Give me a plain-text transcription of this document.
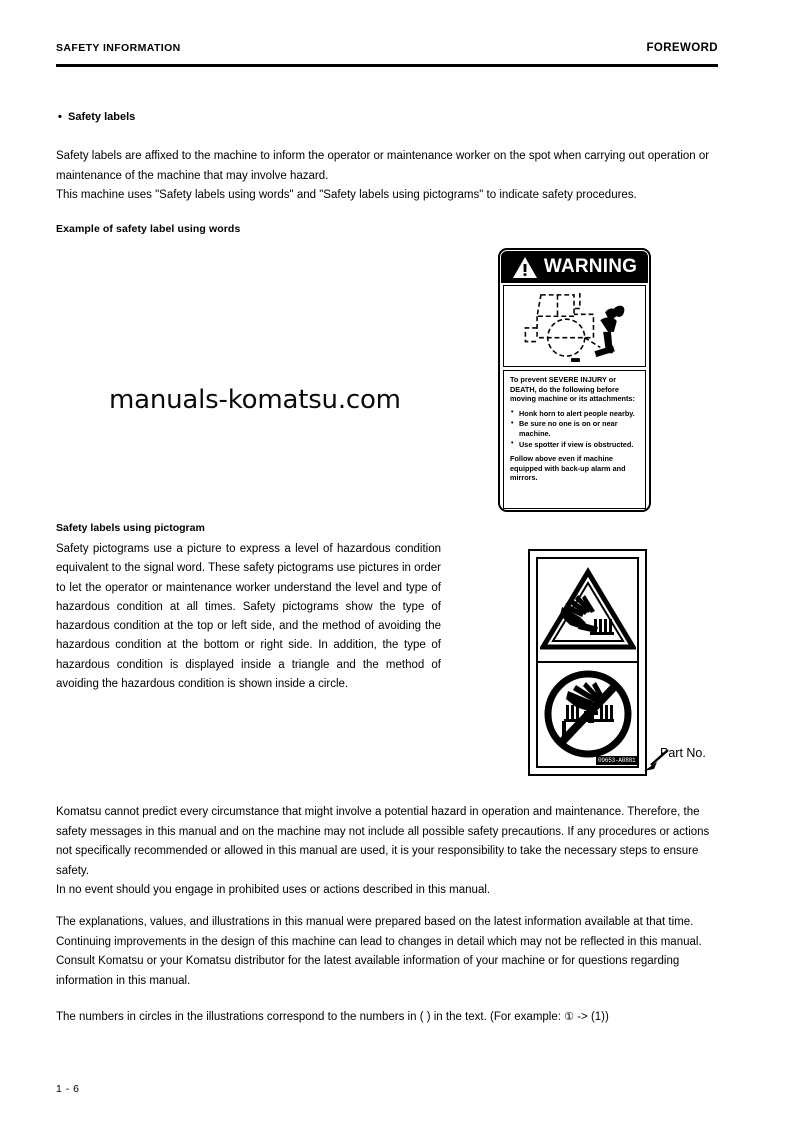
SAFETY INFORMATION	FOREWORD
• Safety labels
Safety labels are affixed to the machine to inform the operator or maintenance worker on the spot when carrying out operation or maintenance of the machine that may involve hazard.
This machine uses "Safety labels using words" and "Safety labels using pictograms" to indicate safety procedures.
Example of safety label using words
manuals-komatsu.com
WARNING

To prevent SEVERE INJURY or DEATH, do the following before moving machine or its attachments:

• Honk horn to alert people nearby.
• Be sure no one is on or near machine.
• Use spotter if view is obstructed.

Follow above even if machine equipped with back-up alarm and mirrors.

Safety labels using pictogram
Safety pictograms use a picture to express a level of hazardous condition equivalent to the signal word. These safety pictograms use pictures in order to let the operator or maintenance worker understand the level and type of hazardous condition at all times. Safety pictograms show the type of hazardous condition at the top or left side, and the method of avoiding the hazardous condition at the bottom or right side. In addition, the type of hazardous condition is displayed inside a triangle and the method of avoiding the hazardous condition is shown inside a circle.
09653-A0881
Part No.
Komatsu cannot predict every circumstance that might involve a potential hazard in operation and maintenance. Therefore, the safety messages in this manual and on the machine may not include all possible safety precautions. If any procedures or actions not specifically recommended or allowed in this manual are used, it is your responsibility to take the necessary steps to ensure safety.
In no event should you engage in prohibited uses or actions described in this manual.
The explanations, values, and illustrations in this manual were prepared based on the latest information available at that time. Continuing improvements in the design of this machine can lead to changes in detail which may not be reflected in this manual. Consult Komatsu or your Komatsu distributor for the latest available information of your machine or for questions regarding information in this manual.
The numbers in circles in the illustrations correspond to the numbers in ( ) in the text. (For example: ① -> (1))
1 - 6
